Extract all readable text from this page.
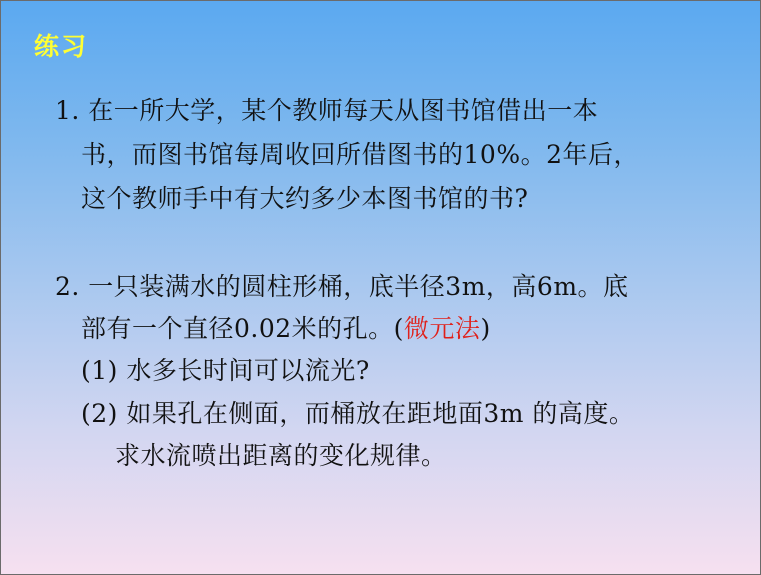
练习
1. 在一所大学，某个教师每天从图书馆借出一本
书，而图书馆每周收回所借图书的10%。2年后，
这个教师手中有大约多少本图书馆的书?
2. 一只装满水的圆柱形桶，底半径3m，高6m。底
部有一个直径0.02米的孔。(微元法)
(1) 水多长时间可以流光?
(2) 如果孔在侧面，而桶放在距地面3m 的高度。
求水流喷出距离的变化规律。
